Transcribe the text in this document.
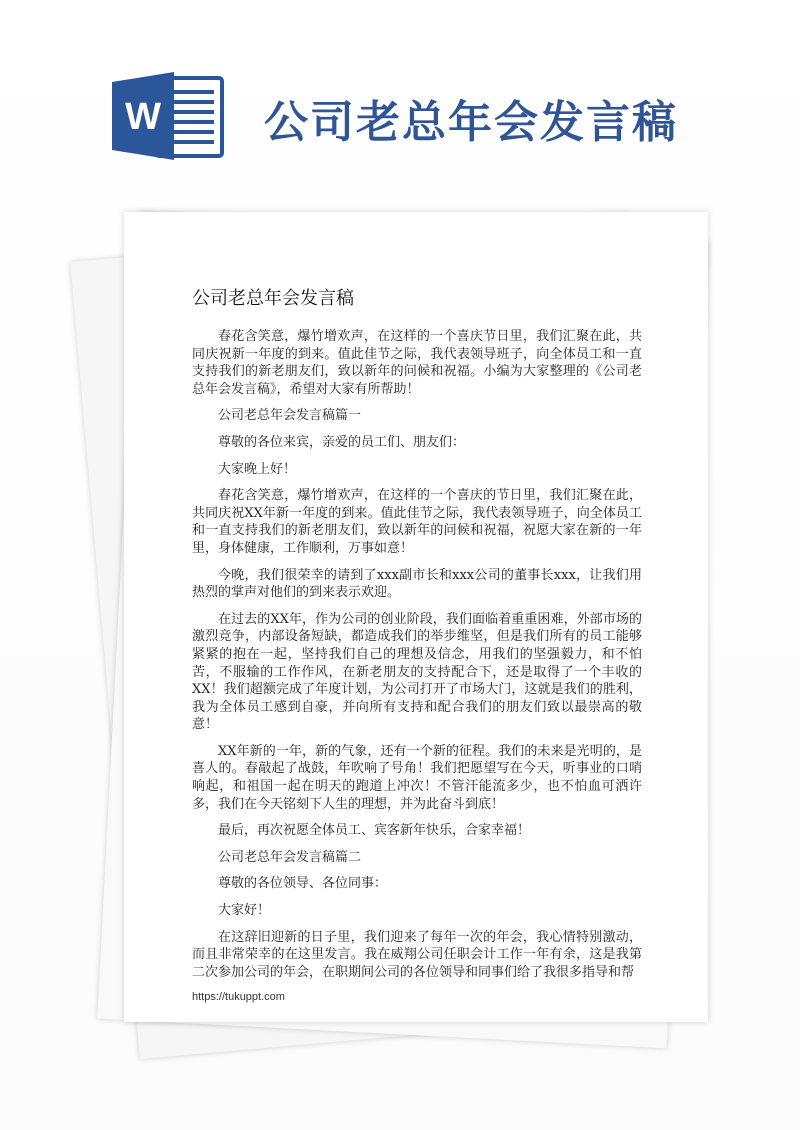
W 公司老总年会发言稿
公司老总年会发言稿

春花含笑意，爆竹增欢声，在这样的一个喜庆节日里，我们汇聚在此，共同庆祝新一年度的到来。值此佳节之际，我代表领导班子，向全体员工和一直支持我们的新老朋友们，致以新年的问候和祝福。小编为大家整理的《公司老总年会发言稿》，希望对大家有所帮助！

公司老总年会发言稿篇一

尊敬的各位来宾，亲爱的员工们、朋友们：

大家晚上好！

春花含笑意，爆竹增欢声，在这样的一个喜庆的节日里，我们汇聚在此，共同庆祝XX年新一年度的到来。值此佳节之际，我代表领导班子，向全体员工和一直支持我们的新老朋友们，致以新年的问候和祝福，祝愿大家在新的一年里，身体健康，工作顺利，万事如意！

今晚，我们很荣幸的请到了xxx副市长和xxx公司的董事长xxx，让我们用热烈的掌声对他们的到来表示欢迎。

在过去的XX年，作为公司的创业阶段，我们面临着重重困难，外部市场的激烈竞争，内部设备短缺，都造成我们的举步维坚，但是我们所有的员工能够紧紧的抱在一起，坚持我们自己的理想及信念，用我们的坚强毅力，和不怕苦，不服输的工作作风，在新老朋友的支持配合下，还是取得了一个丰收的XX！我们超额完成了年度计划，为公司打开了市场大门，这就是我们的胜利，我为全体员工感到自豪，并向所有支持和配合我们的朋友们致以最崇高的敬意！

XX年新的一年，新的气象，还有一个新的征程。我们的未来是光明的，是喜人的。春敲起了战鼓，年吹响了号角！我们把愿望写在今天，听事业的口哨响起，和祖国一起在明天的跑道上冲次！不管汗能流多少，也不怕血可洒许多，我们在今天铭刻下人生的理想，并为此奋斗到底！

最后，再次祝愿全体员工、宾客新年快乐，合家幸福！

公司老总年会发言稿篇二

尊敬的各位领导、各位同事：

大家好！

在这辞旧迎新的日子里，我们迎来了每年一次的年会，我心情特别激动，而且非常荣幸的在这里发言。我在威翔公司任职会计工作一年有余，这是我第二次参加公司的年会，在职期间公司的各位领导和同事们给了我很多指导和帮

https://tukuppt.com
